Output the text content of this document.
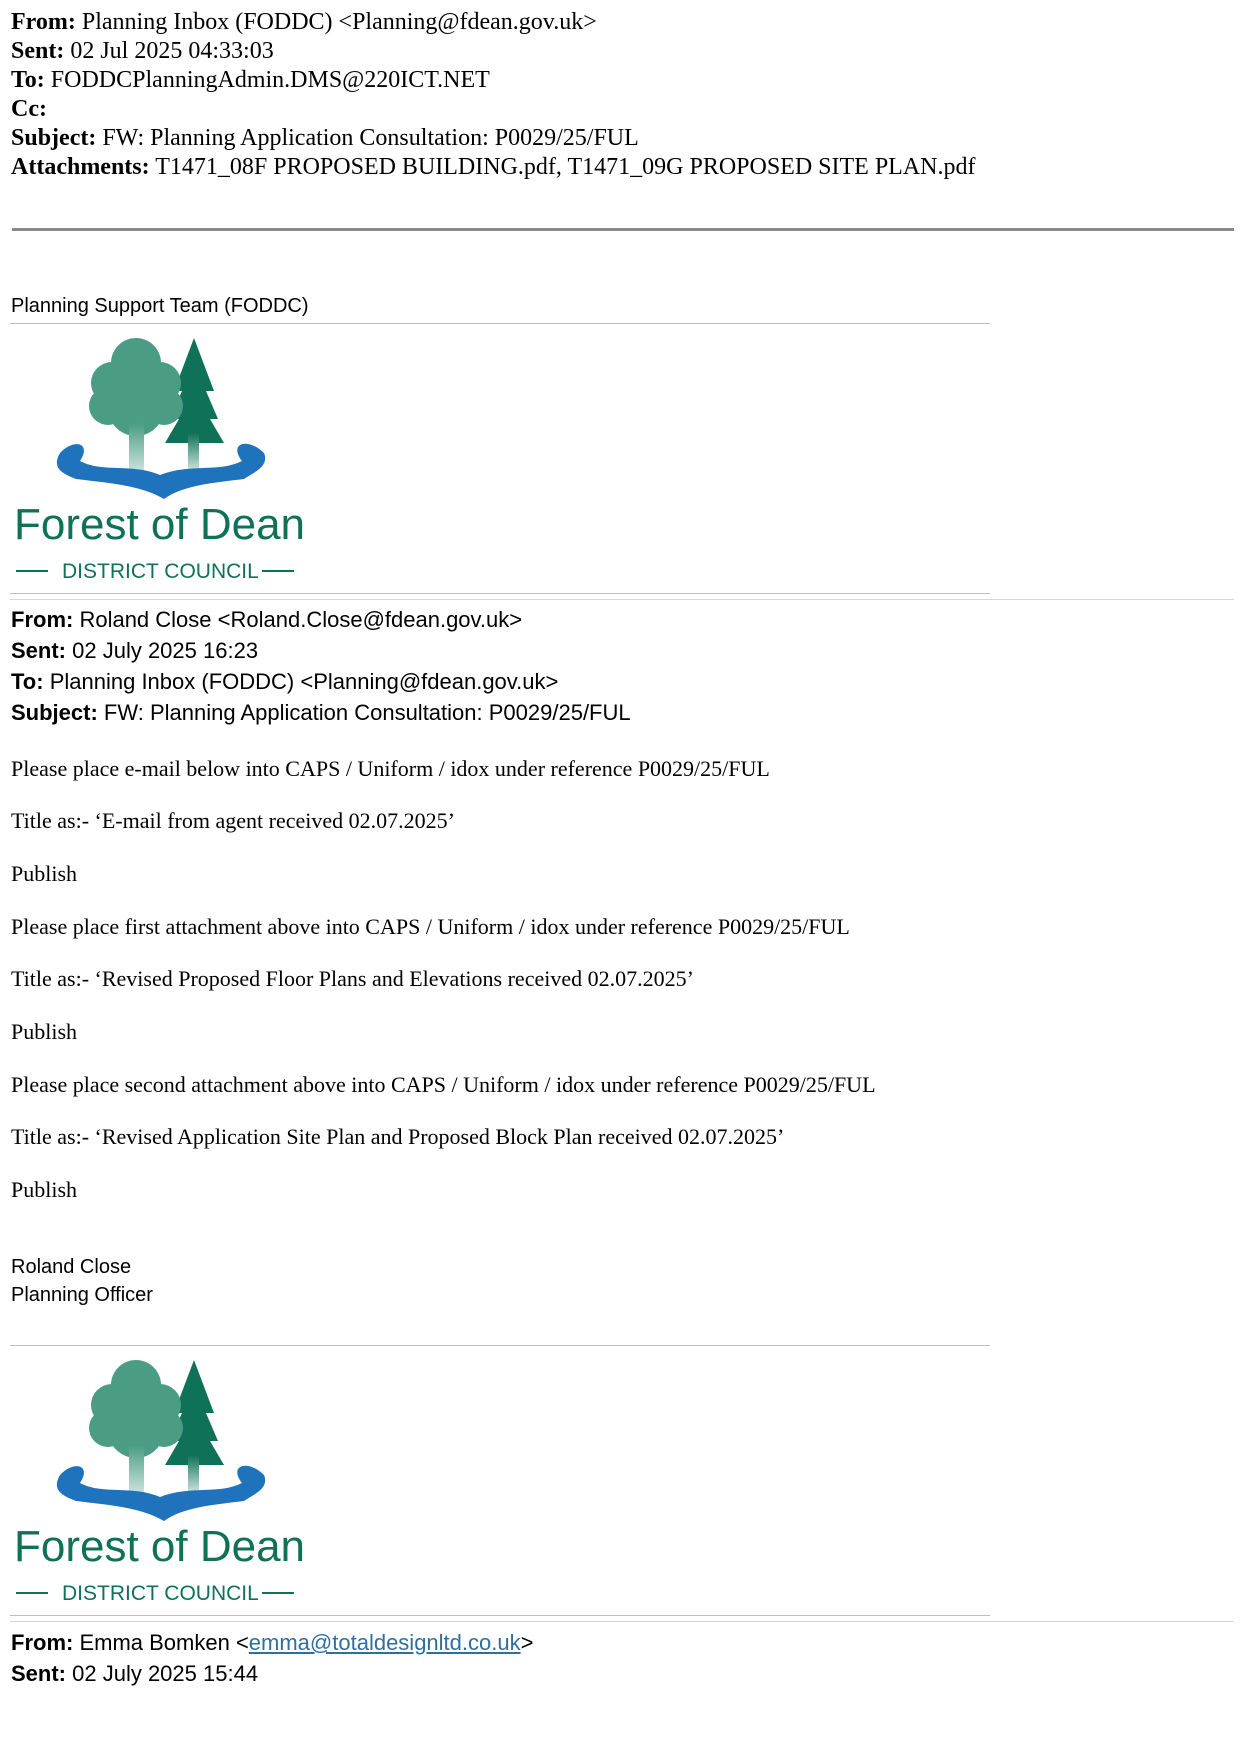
From: Planning Inbox (FODDC) <Planning@fdean.gov.uk>
Sent: 02 Jul 2025 04:33:03
To: FODDCPlanningAdmin.DMS@220ICT.NET
Cc:
Subject: FW: Planning Application Consultation: P0029/25/FUL
Attachments: T1471_08F PROPOSED BUILDING.pdf, T1471_09G PROPOSED SITE PLAN.pdf
Planning Support Team (FODDC)
Forest of Dean
DISTRICT COUNCIL
From: Roland Close <Roland.Close@fdean.gov.uk>
Sent: 02 July 2025 16:23
To: Planning Inbox (FODDC) <Planning@fdean.gov.uk>
Subject: FW: Planning Application Consultation: P0029/25/FUL
Please place e-mail below into CAPS / Uniform / idox under reference P0029/25/FUL
Title as:- ‘E-mail from agent received 02.07.2025’
Publish
Please place first attachment above into CAPS / Uniform / idox under reference P0029/25/FUL
Title as:- ‘Revised Proposed Floor Plans and Elevations received 02.07.2025’
Publish
Please place second attachment above into CAPS / Uniform / idox under reference P0029/25/FUL
Title as:- ‘Revised Application Site Plan and Proposed Block Plan received 02.07.2025’
Publish
Roland Close
Planning Officer
Forest of Dean
DISTRICT COUNCIL
From: Emma Bomken <emma@totaldesignltd.co.uk>
Sent: 02 July 2025 15:44
